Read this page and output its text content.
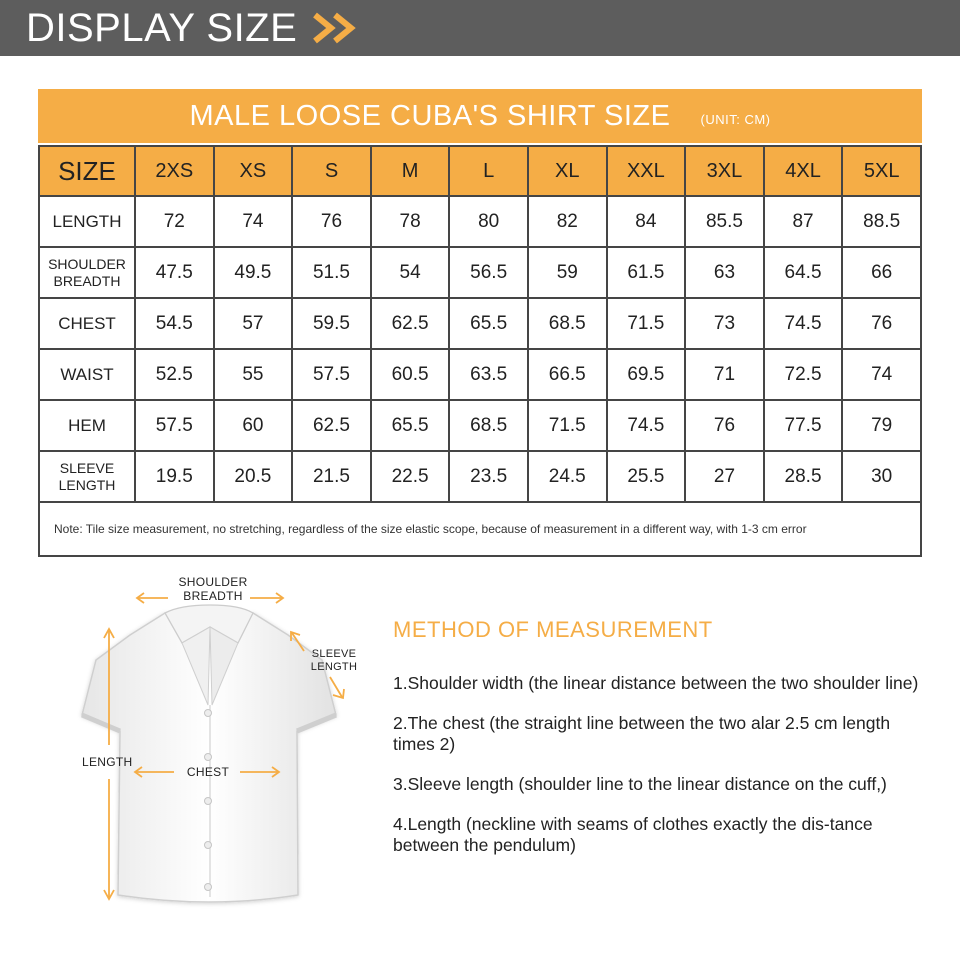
DISPLAY SIZE
MALE LOOSE CUBA'S SHIRT SIZE (UNIT: CM)
SIZE	2XS	XS	S	M	L	XL	XXL	3XL	4XL	5XL
LENGTH	72	74	76	78	80	82	84	85.5	87	88.5
SHOULDER BREADTH	47.5	49.5	51.5	54	56.5	59	61.5	63	64.5	66
CHEST	54.5	57	59.5	62.5	65.5	68.5	71.5	73	74.5	76
WAIST	52.5	55	57.5	60.5	63.5	66.5	69.5	71	72.5	74
HEM	57.5	60	62.5	65.5	68.5	71.5	74.5	76	77.5	79
SLEEVE LENGTH	19.5	20.5	21.5	22.5	23.5	24.5	25.5	27	28.5	30
Note: Tile size measurement, no stretching, regardless of the size elastic scope, because of measurement in a different way, with 1-3 cm error										
SHOULDER
BREADTH
SLEEVE
LENGTH
LENGTH
CHEST
METHOD OF MEASUREMENT
1.Shoulder width (the linear distance between the two shoulder line)
2.The chest (the straight line between the two alar 2.5 cm length times 2)
3.Sleeve length (shoulder line to the linear distance on the cuff,)
4.Length (neckline with seams of clothes exactly the dis-tance between the pendulum)
